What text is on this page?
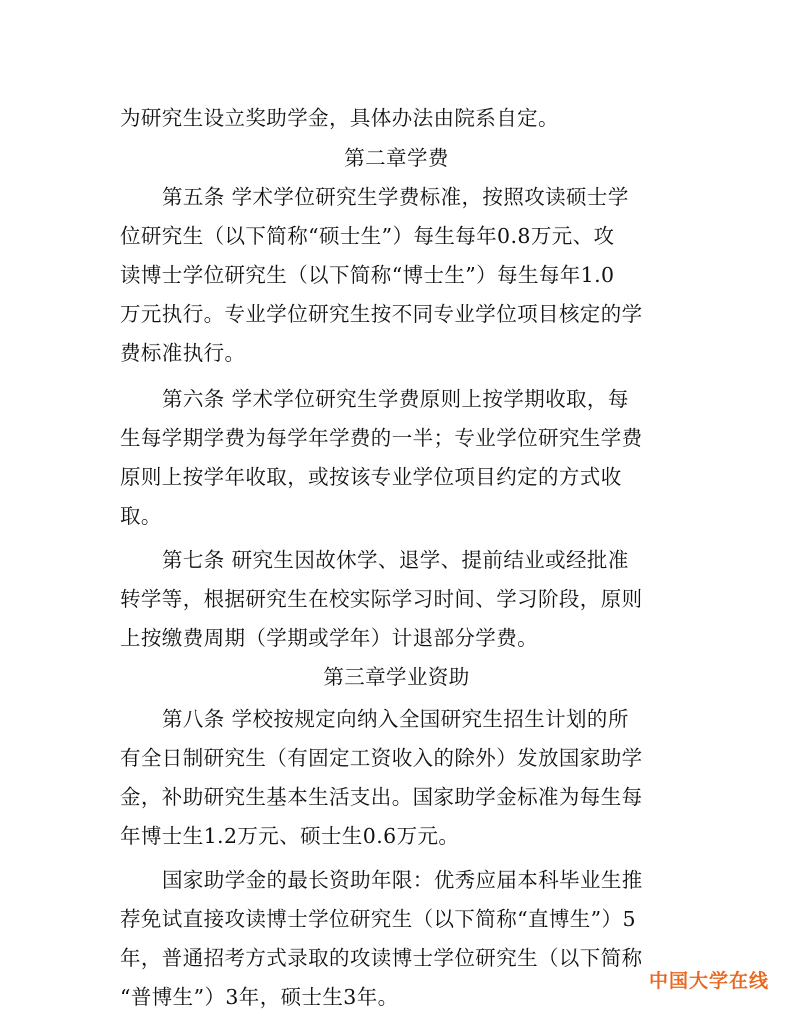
为研究生设立奖助学金，具体办法由院系自定。
第二章学费
第五条 学术学位研究生学费标准，按照攻读硕士学
位研究生（以下简称“硕士生”）每生每年0.8万元、攻
读博士学位研究生（以下简称“博士生”）每生每年1.0
万元执行。专业学位研究生按不同专业学位项目核定的学
费标准执行。
第六条 学术学位研究生学费原则上按学期收取，每
生每学期学费为每学年学费的一半；专业学位研究生学费
原则上按学年收取，或按该专业学位项目约定的方式收
取。
第七条 研究生因故休学、退学、提前结业或经批准
转学等，根据研究生在校实际学习时间、学习阶段，原则
上按缴费周期（学期或学年）计退部分学费。
第三章学业资助
第八条 学校按规定向纳入全国研究生招生计划的所
有全日制研究生（有固定工资收入的除外）发放国家助学
金，补助研究生基本生活支出。国家助学金标准为每生每
年博士生1.2万元、硕士生0.6万元。
国家助学金的最长资助年限：优秀应届本科毕业生推
荐免试直接攻读博士学位研究生（以下简称“直博生”）5
年，普通招考方式录取的攻读博士学位研究生（以下简称
“普博生”）3年，硕士生3年。
中国大学在线
